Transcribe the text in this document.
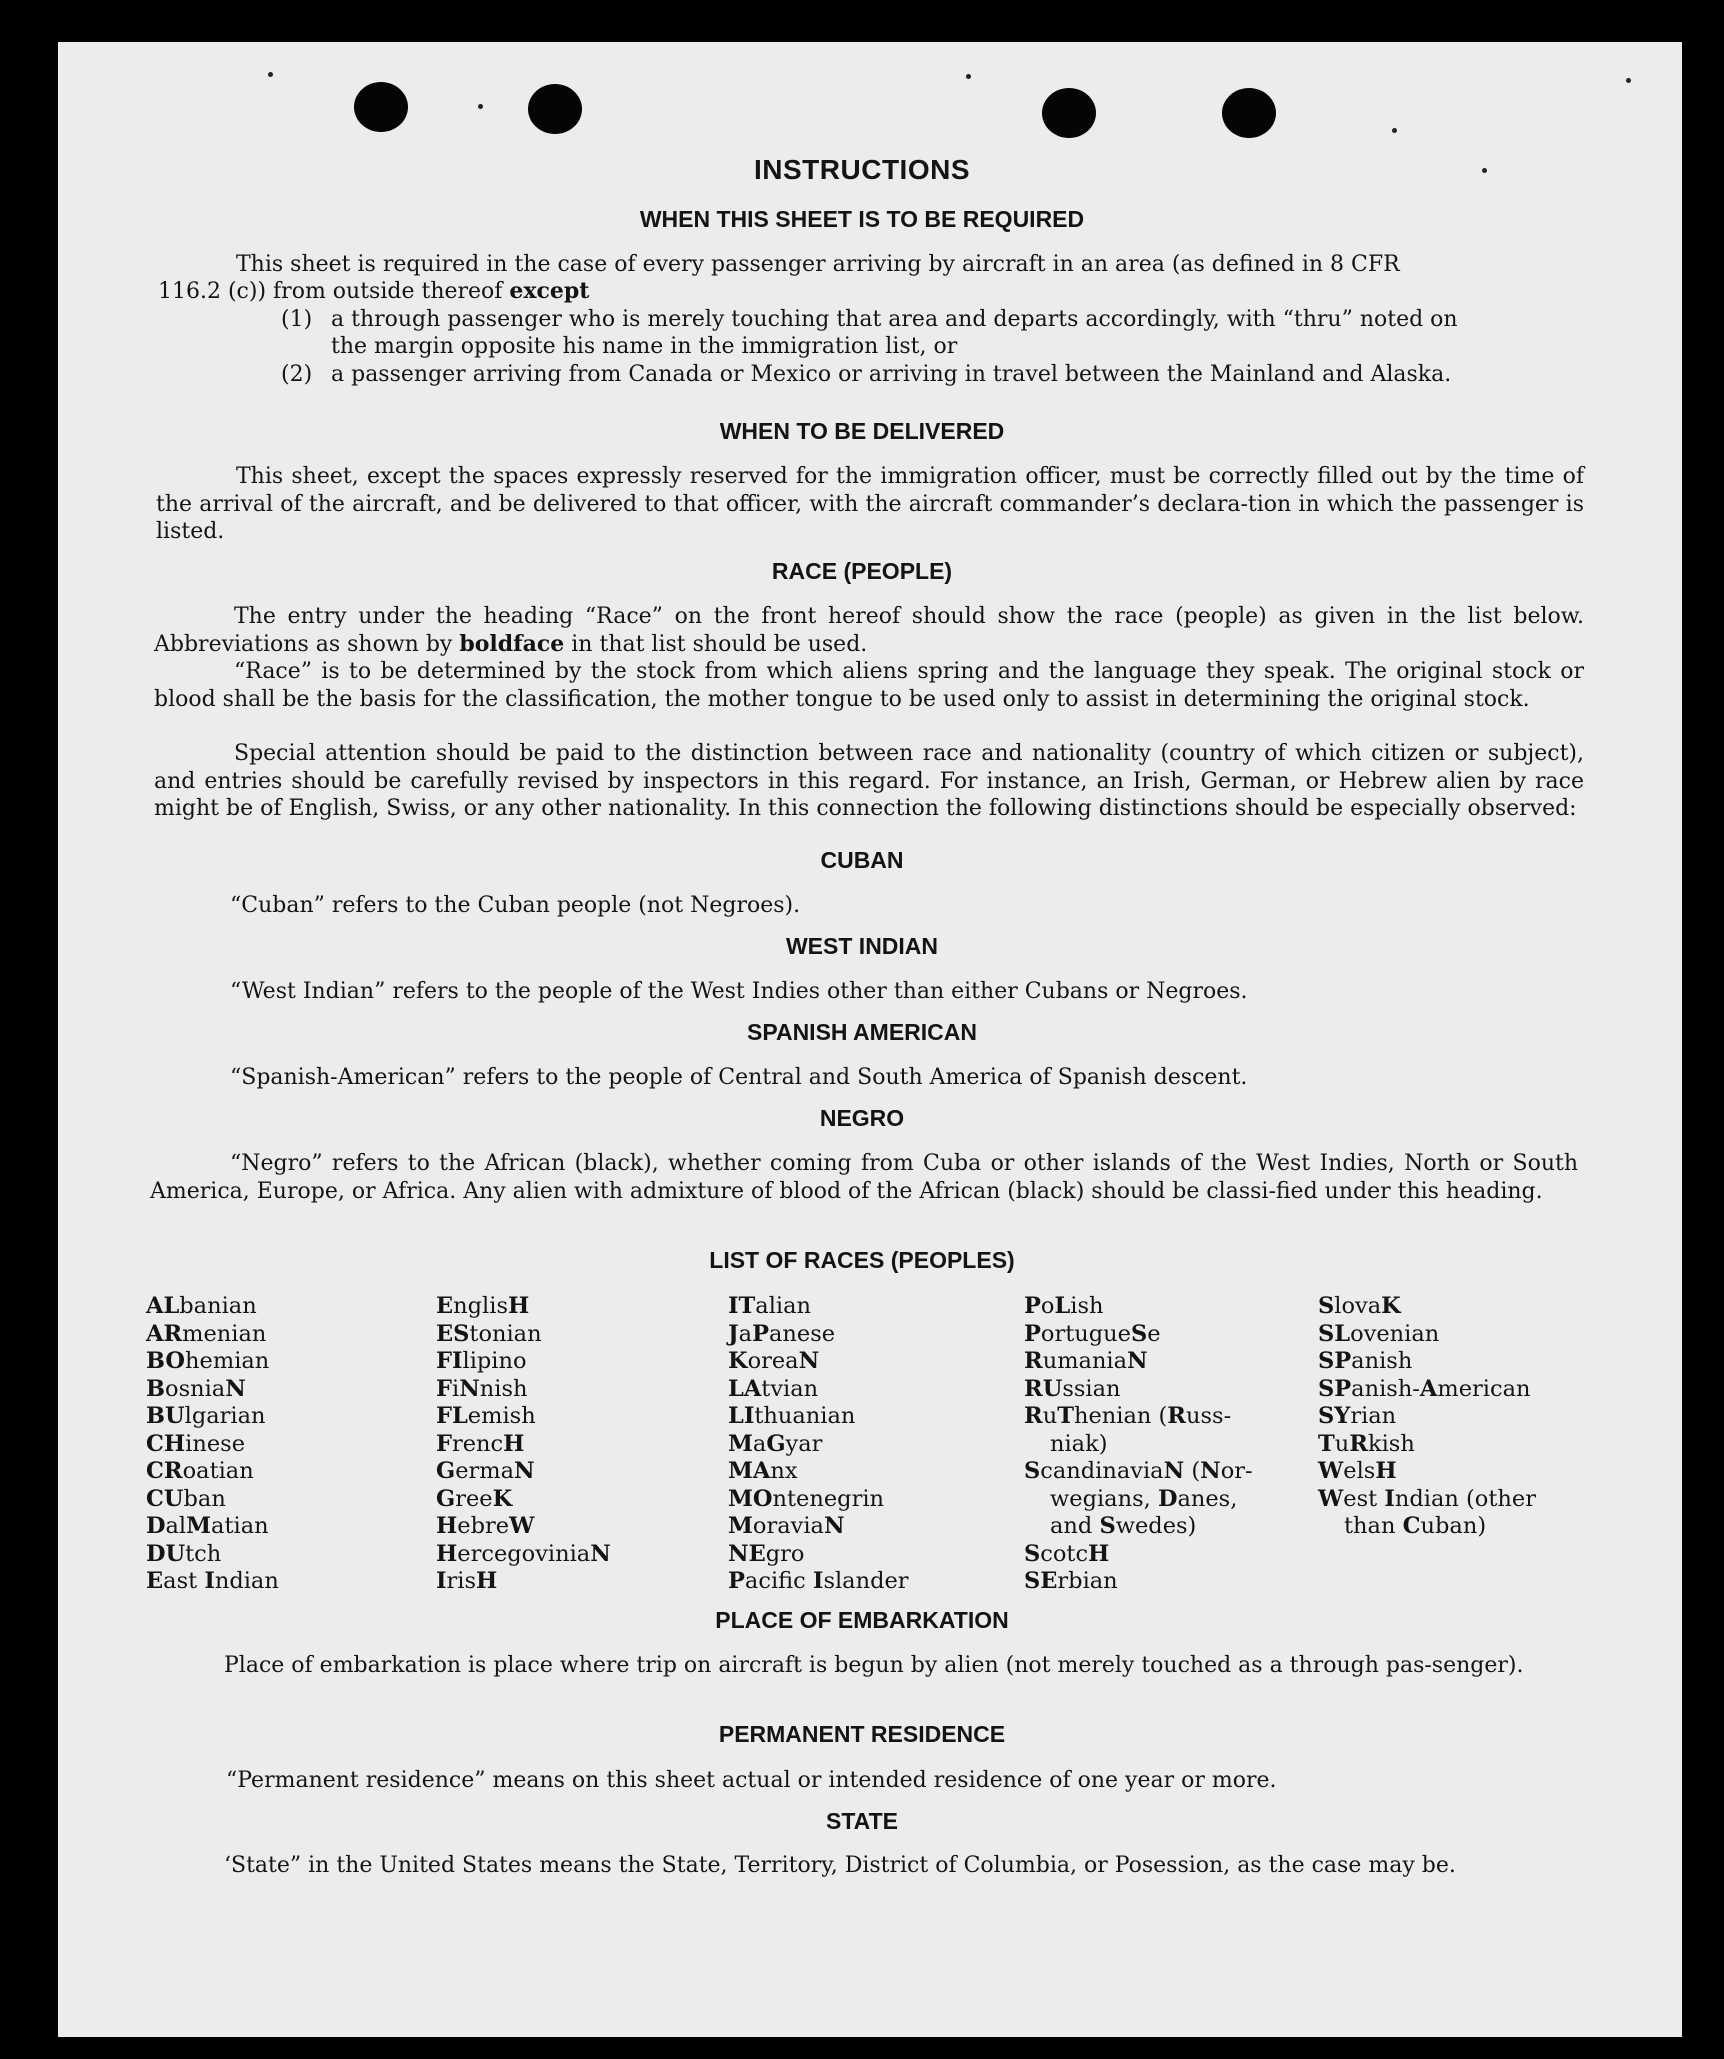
INSTRUCTIONS
WHEN THIS SHEET IS TO BE REQUIRED
This sheet is required in the case of every passenger arriving by aircraft in an area (as defined in 8 CFR
116.2 (c)) from outside thereof except
(1) a through passenger who is merely touching that area and departs accordingly, with “thru” noted on
the margin opposite his name in the immigration list, or
(2) a passenger arriving from Canada or Mexico or arriving in travel between the Mainland and Alaska.
WHEN TO BE DELIVERED
This sheet, except the spaces expressly reserved for the immigration officer, must be correctly filled out by the time of the arrival of the aircraft, and be delivered to that officer, with the aircraft commander’s declara-tion in which the passenger is listed.
RACE (PEOPLE)
The entry under the heading “Race” on the front hereof should show the race (people) as given in the list below. Abbreviations as shown by boldface in that list should be used.
“Race” is to be determined by the stock from which aliens spring and the language they speak. The original stock or blood shall be the basis for the classification, the mother tongue to be used only to assist in determining the original stock.
Special attention should be paid to the distinction between race and nationality (country of which citizen or subject), and entries should be carefully revised by inspectors in this regard. For instance, an Irish, German, or Hebrew alien by race might be of English, Swiss, or any other nationality. In this connection the following distinctions should be especially observed:
CUBAN
“Cuban” refers to the Cuban people (not Negroes).
WEST INDIAN
“West Indian” refers to the people of the West Indies other than either Cubans or Negroes.
SPANISH AMERICAN
“Spanish-American” refers to the people of Central and South America of Spanish descent.
NEGRO
“Negro” refers to the African (black), whether coming from Cuba or other islands of the West Indies, North or South America, Europe, or Africa. Any alien with admixture of blood of the African (black) should be classi-fied under this heading.
LIST OF RACES (PEOPLES)
ALbanian
ARmenian
BOhemian
BosniaN
BUlgarian
CHinese
CRoatian
CUban
DalMatian
DUtch
East Indian
EnglisH
EStonian
FIlipino
FiNnish
FLemish
FrencH
GermaN
GreeK
HebreW
HercegoviniaN
IrisH
ITalian
JaPanese
KoreaN
LAtvian
LIthuanian
MaGyar
MAnx
MOntenegrin
MoraviaN
NEgro
Pacific Islander
PoLish
PortugueSe
RumaniaN
RUssian
RuThenian (Russ-
niak)
ScandinaviaN (Nor-
wegians, Danes,
and Swedes)
ScotcH
SErbian
SlovaK
SLovenian
SPanish
SPanish-American
SYrian
TuRkish
WelsH
West Indian (other
than Cuban)
PLACE OF EMBARKATION
Place of embarkation is place where trip on aircraft is begun by alien (not merely touched as a through pas-senger).
PERMANENT RESIDENCE
“Permanent residence” means on this sheet actual or intended residence of one year or more.
STATE
‘State” in the United States means the State, Territory, District of Columbia, or Posession, as the case may be.
